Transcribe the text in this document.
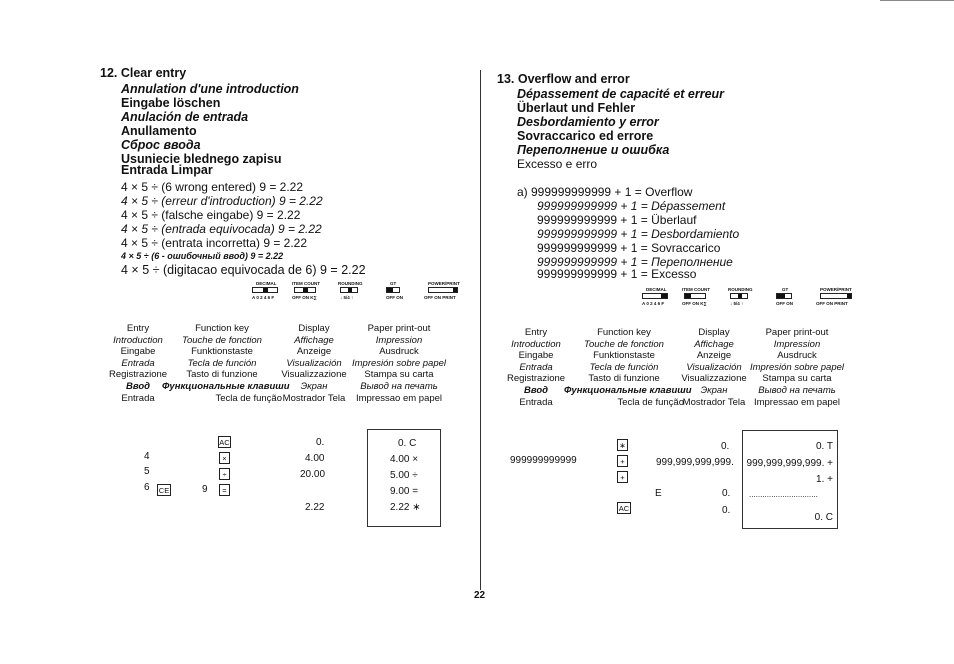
12. Clear entry
Annulation d'une introduction
Eingabe löschen
Anulación de entrada
Anullamento
Сброс ввода
Usuniecie blednego zapisu
Entrada Limpar
4 × 5 ÷ (6 wrong entered) 9 = 2.22
4 × 5 ÷ (erreur d'introduction) 9 = 2.22
4 × 5 ÷ (falsche eingabe) 9 = 2.22
4 × 5 ÷ (entrada equivocada) 9 = 2.22
4 × 5 ÷ (entrata incorretta) 9 = 2.22
4 × 5 ÷ (6 - ошибочный ввод) 9 = 2.22
4 × 5 ÷ (digitacao equivocada de 6) 9 = 2.22
DECIMAL
A 0 2 4 6 F
ITEM COUNT
OFF ON K∑
ROUNDING
↓ 5/4 ↑
GT
OFF ON
POWER/PRINT
OFF ON PRINT
Entry
Introduction
Eingabe
Entrada
Registrazione
Ввод
Entrada
Function key
Touche de fonction
Funktionstaste
Tecla de función
Tasto di funzione
Функциональные клавиши
Tecla de função
Display
Affichage
Anzeige
Visualización
Visualizzazione
Экран
Mostrador Tela
Paper print-out
Impression
Ausdruck
Impresión sobre papel
Stampa su carta
Вывод на печать
Impressao em papel
4
5
6 CE	9
AC
×
÷
=
0.
4.00
20.00
2.22
0. C
4.00 ×
5.00 ÷
9.00 =
2.22 ∗
22
13. Overflow and error
Dépassement de capacité et erreur
Überlaut und Fehler
Desbordamiento y error
Sovraccarico ed errore
Переполнение и ошибка
Excesso e erro
a) 999999999999 + 1 = Overflow
999999999999 + 1 = Dépassement
999999999999 + 1 = Überlauf
999999999999 + 1 = Desbordamiento
999999999999 + 1 = Sovraccarico
999999999999 + 1 = Переполнение
999999999999 + 1 = Excesso
DECIMAL
A 0 2 4 6 F
ITEM COUNT
OFF ON K∑
ROUNDING
↓ 5/4 ↑
GT
OFF ON
POWER/PRINT
OFF ON PRINT
Entry
Introduction
Eingabe
Entrada
Registrazione
Ввод
Entrada
Function key
Touche de fonction
Funktionstaste
Tecla de función
Tasto di funzione
Функциональные клавиши
Tecla de função
Display
Affichage
Anzeige
Visualización
Visualizzazione
Экран
Mostrador Tela
Paper print-out
Impression
Ausdruck
Impresión sobre papel
Stampa su carta
Вывод на печать
Impressao em papel
999999999999
∗
+
+
AC
0.
999,999,999,999.
E	0.
0.
0. T
999,999,999,999. +
1. +
...............................
0. C
